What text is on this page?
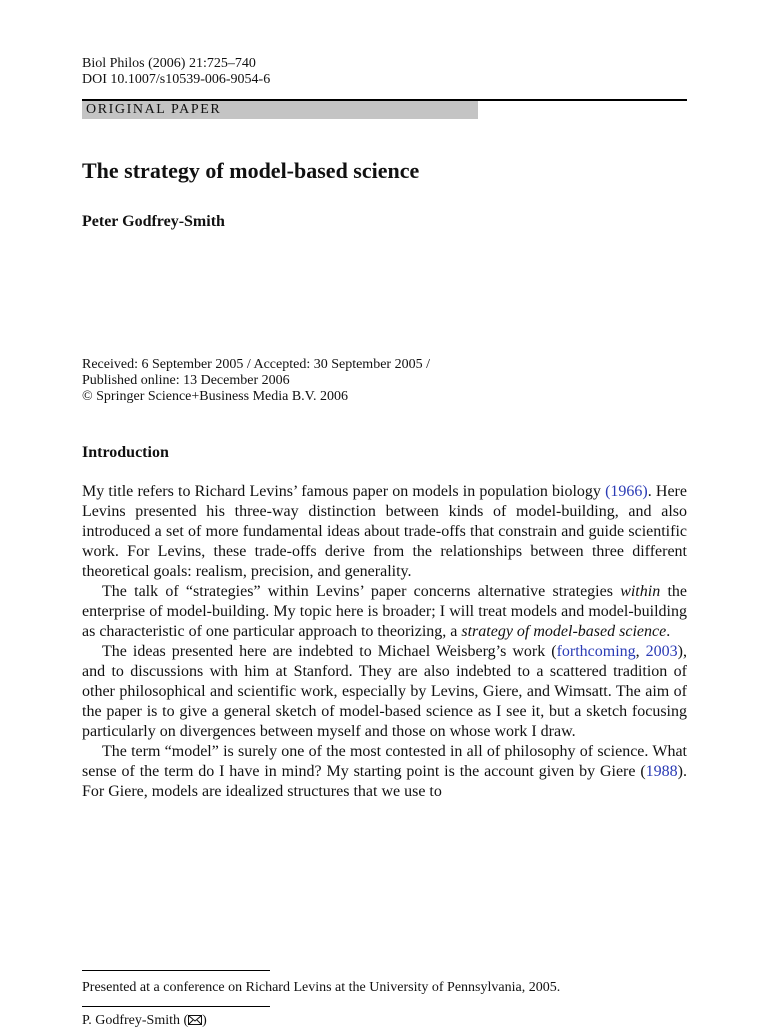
Biol Philos (2006) 21:725–740
DOI 10.1007/s10539-006-9054-6
ORIGINAL PAPER
The strategy of model-based science
Peter Godfrey-Smith
Received: 6 September 2005 / Accepted: 30 September 2005 /
Published online: 13 December 2006
© Springer Science+Business Media B.V. 2006
Introduction

My title refers to Richard Levins’ famous paper on models in population biology (1966). Here Levins presented his three-way distinction between kinds of model-building, and also introduced a set of more fundamental ideas about trade-offs that constrain and guide scientific work. For Levins, these trade-offs derive from the relationships between three different theoretical goals: realism, precision, and generality.

The talk of “strategies” within Levins’ paper concerns alternative strategies within the enterprise of model-building. My topic here is broader; I will treat models and model-building as characteristic of one particular approach to theorizing, a strategy of model-based science.

The ideas presented here are indebted to Michael Weisberg’s work (forthcoming, 2003), and to discussions with him at Stanford. They are also indebted to a scattered tradition of other philosophical and scientific work, especially by Levins, Giere, and Wimsatt. The aim of the paper is to give a general sketch of model-based science as I see it, but a sketch focusing particularly on divergences between myself and those on whose work I draw.

The term “model” is surely one of the most contested in all of philosophy of science. What sense of the term do I have in mind? My starting point is the account given by Giere (1988). For Giere, models are idealized structures that we use to

Presented at a conference on Richard Levins at the University of Pennsylvania, 2005.
P. Godfrey-Smith ( )
